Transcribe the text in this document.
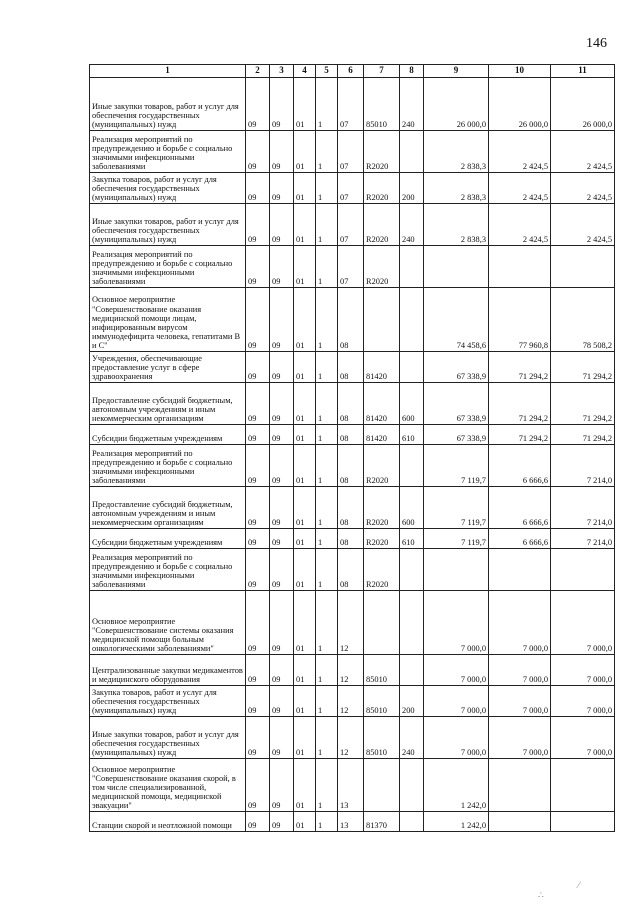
146
1	2	3	4	5	6	7	8	9	10	11
Иные закупки товаров, работ и услуг для обеспечения государственных (муниципальных) нужд	09	09	01	1	07	85010	240	26 000,0	26 000,0	26 000,0
Реализация мероприятий по предупреждению и борьбе с социально значимыми инфекционными заболеваниями	09	09	01	1	07	R2020		2 838,3	2 424,5	2 424,5
Закупка товаров, работ и услуг для обеспечения государственных (муниципальных) нужд	09	09	01	1	07	R2020	200	2 838,3	2 424,5	2 424,5
Иные закупки товаров, работ и услуг для обеспечения государственных (муниципальных) нужд	09	09	01	1	07	R2020	240	2 838,3	2 424,5	2 424,5
Реализация мероприятий по предупреждению и борьбе с социально значимыми инфекционными заболеваниями	09	09	01	1	07	R2020				
Основное мероприятие "Совершенствование оказания медицинской помощи лицам, инфицированным вирусом иммунодефицита человека, гепатитами В и С"	09	09	01	1	08			74 458,6	77 960,8	78 508,2
Учреждения, обеспечивающие предоставление услуг в сфере здравоохранения	09	09	01	1	08	81420		67 338,9	71 294,2	71 294,2
Предоставление субсидий бюджетным, автономным учреждениям и иным некоммерческим организациям	09	09	01	1	08	81420	600	67 338,9	71 294,2	71 294,2
Субсидии бюджетным учреждениям	09	09	01	1	08	81420	610	67 338,9	71 294,2	71 294,2
Реализация мероприятий по предупреждению и борьбе с социально значимыми инфекционными заболеваниями	09	09	01	1	08	R2020		7 119,7	6 666,6	7 214,0
Предоставление субсидий бюджетным, автономным учреждениям и иным некоммерческим организациям	09	09	01	1	08	R2020	600	7 119,7	6 666,6	7 214,0
Субсидии бюджетным учреждениям	09	09	01	1	08	R2020	610	7 119,7	6 666,6	7 214,0
Реализация мероприятий по предупреждению и борьбе с социально значимыми инфекционными заболеваниями	09	09	01	1	08	R2020				
Основное мероприятие "Совершенствование системы оказания медицинской помощи больным онкологическими заболеваниями"	09	09	01	1	12			7 000,0	7 000,0	7 000,0
Централизованные закупки медикаментов и медицинского оборудования	09	09	01	1	12	85010		7 000,0	7 000,0	7 000,0
Закупка товаров, работ и услуг для обеспечения государственных (муниципальных) нужд	09	09	01	1	12	85010	200	7 000,0	7 000,0	7 000,0
Иные закупки товаров, работ и услуг для обеспечения государственных (муниципальных) нужд	09	09	01	1	12	85010	240	7 000,0	7 000,0	7 000,0
Основное мероприятие "Совершенствование оказания скорой, в том числе специализированной, медицинской помощи, медицинской эвакуации"	09	09	01	1	13			1 242,0		
Станции скорой и неотложной помощи	09	09	01	1	13	81370		1 242,0		
∴
⁄
